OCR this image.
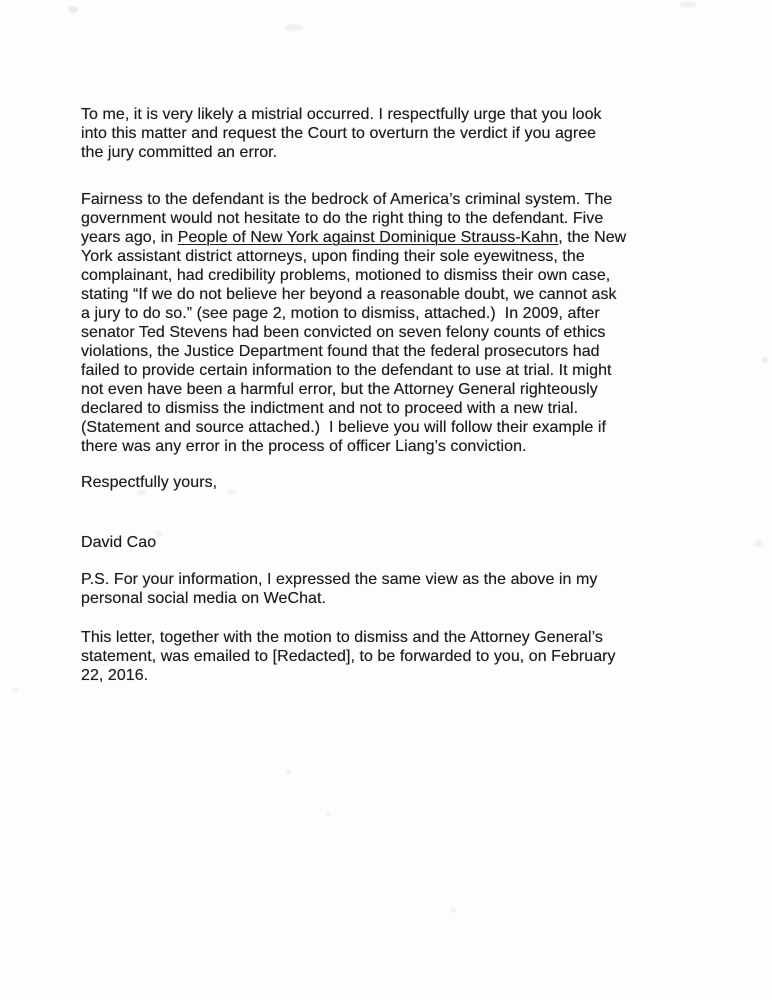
To me, it is very likely a mistrial occurred. I respectfully urge that you look
into this matter and request the Court to overturn the verdict if you agree
the jury committed an error.
Fairness to the defendant is the bedrock of America’s criminal system. The
government would not hesitate to do the right thing to the defendant. Five
years ago, in People of New York against Dominique Strauss-Kahn, the New
York assistant district attorneys, upon finding their sole eyewitness, the
complainant, had credibility problems, motioned to dismiss their own case,
stating “If we do not believe her beyond a reasonable doubt, we cannot ask
a jury to do so.” (see page 2, motion to dismiss, attached.)  In 2009, after
senator Ted Stevens had been convicted on seven felony counts of ethics
violations, the Justice Department found that the federal prosecutors had
failed to provide certain information to the defendant to use at trial. It might
not even have been a harmful error, but the Attorney General righteously
declared to dismiss the indictment and not to proceed with a new trial.
(Statement and source attached.)  I believe you will follow their example if
there was any error in the process of officer Liang’s conviction.
Respectfully yours,
David Cao
P.S. For your information, I expressed the same view as the above in my
personal social media on WeChat.
This letter, together with the motion to dismiss and the Attorney General’s
statement, was emailed to [Redacted], to be forwarded to you, on February
22, 2016.
